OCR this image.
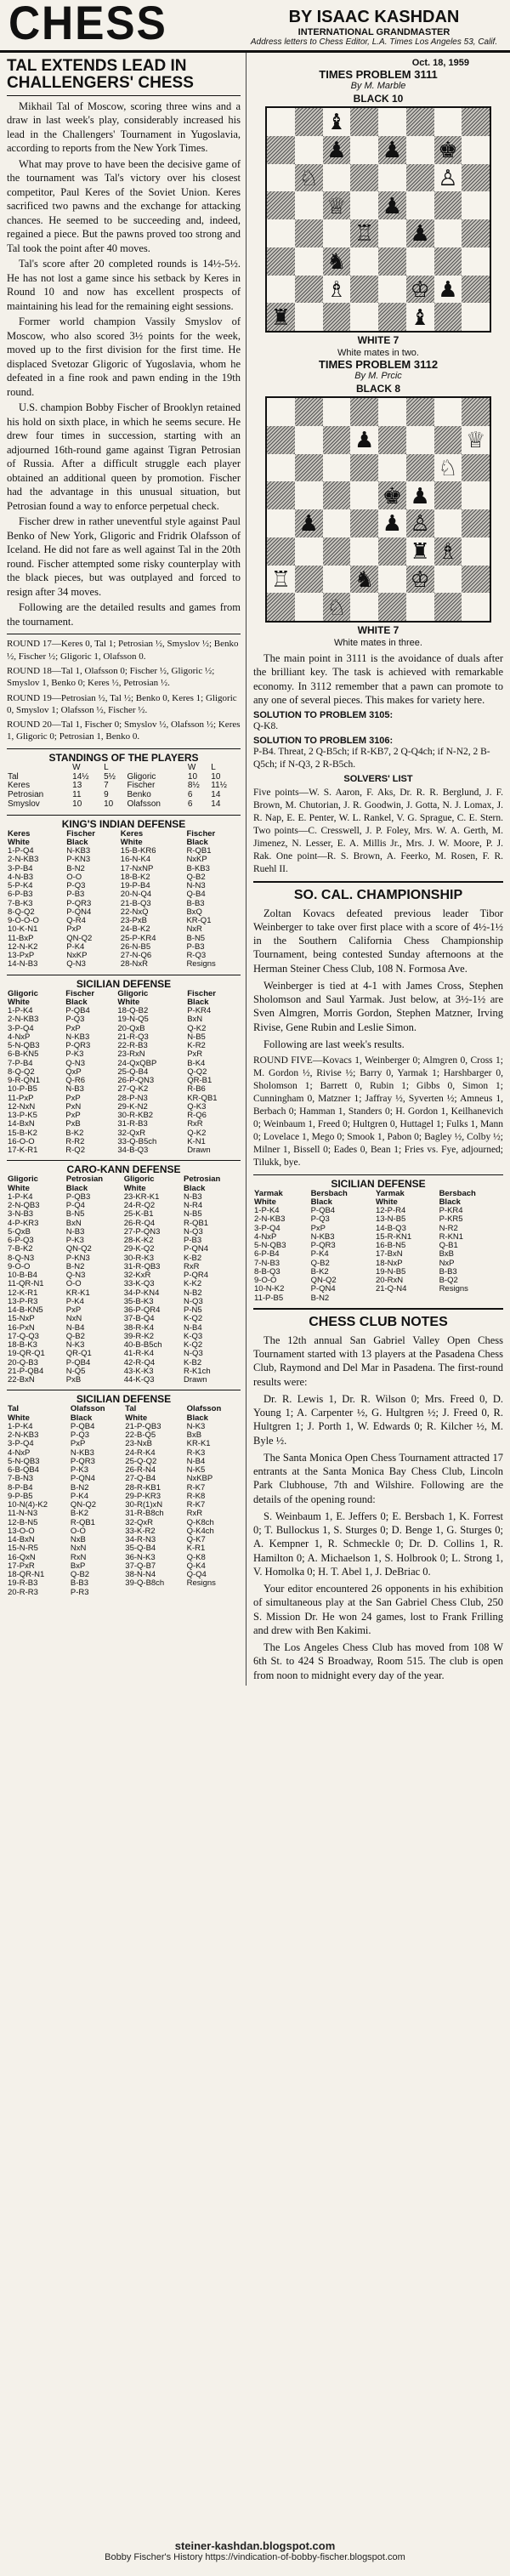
CHESS	BY ISAAC KASHDAN
INTERNATIONAL GRANDMASTER
Address letters to Chess Editor, L.A. Times Los Angeles 53, Calif.
TAL EXTENDS LEAD IN CHALLENGERS' CHESS

Mikhail Tal of Moscow, scoring three wins and a draw in last week's play, considerably increased his lead in the Challengers' Tournament in Yugoslavia, according to reports from the New York Times.

What may prove to have been the decisive game of the tournament was Tal's victory over his closest competitor, Paul Keres of the Soviet Union. Keres sacrificed two pawns and the exchange for attacking chances. He seemed to be succeeding and, indeed, regained a piece. But the pawns proved too strong and Tal took the point after 40 moves.

Tal's score after 20 completed rounds is 14½-5½. He has not lost a game since his setback by Keres in Round 10 and now has excellent prospects of maintaining his lead for the remaining eight sessions.

Former world champion Vassily Smyslov of Moscow, who also scored 3½ points for the week, moved up to the first division for the first time. He displaced Svetozar Gligoric of Yugoslavia, whom he defeated in a fine rook and pawn ending in the 19th round.

U.S. champion Bobby Fischer of Brooklyn retained his hold on sixth place, in which he seems secure. He drew four times in succession, starting with an adjourned 16th-round game against Tigran Petrosian of Russia. After a difficult struggle each player obtained an additional queen by promotion. Fischer had the advantage in this unusual situation, but Petrosian found a way to enforce perpetual check.

Fischer drew in rather uneventful style against Paul Benko of New York, Gligoric and Fridrik Olafsson of Iceland. He did not fare as well against Tal in the 20th round. Fischer attempted some risky counterplay with the black pieces, but was outplayed and forced to resign after 34 moves.

Following are the detailed results and games from the tournament.

ROUND 17—Keres 0, Tal 1; Petrosian ½, Smyslov ½; Benko ½, Fischer ½; Gligoric 1, Olafsson 0.

ROUND 18—Tal 1, Olafsson 0; Fischer ½, Gligoric ½; Smyslov 1, Benko 0; Keres ½, Petrosian ½.

ROUND 19—Petrosian ½, Tal ½; Benko 0, Keres 1; Gligoric 0, Smyslov 1; Olafsson ½, Fischer ½.

ROUND 20—Tal 1, Fischer 0; Smyslov ½, Olafsson ½; Keres 1, Gligoric 0; Petrosian 1, Benko 0.

STANDINGS OF THE PLAYERS
	W	L		W	L
Tal	14½	5½	Gligoric	10	10
Keres	13	7	Fischer	8½	11½
Petrosian	11	9	Benko	6	14
Smyslov	10	10	Olafsson	6	14
KING'S INDIAN DEFENSE
Keres	Fischer	Keres	Fischer
White	Black	White	Black
1-P-Q4	N-KB3	15-B-KR6	R-QB1
2-N-KB3	P-KN3	16-N-K4	NxKP
3-P-B4	B-N2	17-NxNP	B-KB3
4-N-B3	O-O	18-B-K2	Q-B2
5-P-K4	P-Q3	19-P-B4	N-N3
6-P-B3	P-B3	20-N-Q4	Q-B4
7-B-K3	P-QR3	21-B-Q3	B-B3
8-Q-Q2	P-QN4	22-NxQ	BxQ
9-O-O-O	Q-R4	23-PxB	KR-Q1
10-K-N1	PxP	24-B-K2	NxR
11-BxP	QN-Q2	25-P-KR4	B-N5
12-N-K2	P-K4	26-N-B5	P-B3
13-PxP	NxKP	27-N-Q6	R-Q3
14-N-B3	Q-N3	28-NxR	Resigns
SICILIAN DEFENSE
Gligoric	Fischer	Gligoric	Fischer
White	Black	White	Black
1-P-K4	P-QB4	18-Q-B2	P-KR4
2-N-KB3	P-Q3	19-N-Q5	BxN
3-P-Q4	PxP	20-QxB	Q-K2
4-NxP	N-KB3	21-R-Q3	N-B5
5-N-QB3	P-QR3	22-R-B3	K-R2
6-B-KN5	P-K3	23-RxN	PxR
7-P-B4	Q-N3	24-QxQBP	B-K4
8-Q-Q2	QxP	25-Q-B4	Q-Q2
9-R-QN1	Q-R6	26-P-QN3	QR-B1
10-P-B5	N-B3	27-Q-K2	R-B6
11-PxP	PxP	28-P-N3	KR-QB1
12-NxN	PxN	29-K-N2	Q-K3
13-P-K5	PxP	30-R-KB2	R-Q6
14-BxN	PxB	31-R-B3	RxR
15-B-K2	B-K2	32-QxR	Q-K2
16-O-O	R-R2	33-Q-B5ch	K-N1
17-K-R1	R-Q2	34-B-Q3	Drawn
CARO-KANN DEFENSE
Gligoric	Petrosian	Gligoric	Petrosian
White	Black	White	Black
1-P-K4	P-QB3	23-KR-K1	N-B3
2-N-QB3	P-Q4	24-R-Q2	N-R4
3-N-B3	B-N5	25-K-B1	N-B5
4-P-KR3	BxN	26-R-Q4	R-QB1
5-QxB	N-B3	27-P-QN3	N-Q3
6-P-Q3	P-K3	28-K-K2	P-B3
7-B-K2	QN-Q2	29-K-Q2	P-QN4
8-Q-N3	P-KN3	30-R-K3	K-B2
9-O-O	B-N2	31-R-QB3	RxR
10-B-B4	Q-N3	32-KxR	P-QR4
11-QR-N1	O-O	33-K-Q3	K-K2
12-K-R1	KR-K1	34-P-KN4	N-B2
13-P-R3	P-K4	35-B-K3	N-Q3
14-B-KN5	PxP	36-P-QR4	P-N5
15-NxP	NxN	37-B-Q4	K-Q2
16-PxN	N-B4	38-R-K4	N-B4
17-Q-Q3	Q-B2	39-R-K2	K-Q3
18-B-K3	N-K3	40-B-B5ch	K-Q2
19-QR-Q1	QR-Q1	41-R-K4	N-Q3
20-Q-B3	P-QB4	42-R-Q4	K-B2
21-P-QB4	N-Q5	43-K-K3	R-K1ch
22-BxN	PxB	44-K-Q3	Drawn
SICILIAN DEFENSE
Tal	Olafsson	Tal	Olafsson
White	Black	White	Black
1-P-K4	P-QB4	21-P-QB3	N-K3
2-N-KB3	P-Q3	22-B-Q5	BxB
3-P-Q4	PxP	23-NxB	KR-K1
4-NxP	N-KB3	24-R-K4	R-K3
5-N-QB3	P-QR3	25-Q-Q2	N-B4
6-B-QB4	P-K3	26-R-N4	N-K5
7-B-N3	P-QN4	27-Q-B4	NxKBP
8-P-B4	B-N2	28-R-KB1	R-K7
9-P-B5	P-K4	29-P-KR3	R-K8
10-N(4)-K2	QN-Q2	30-R(1)xN	R-K7
11-N-N3	B-K2	31-R-B8ch	RxR
12-B-N5	R-QB1	32-QxR	Q-K8ch
13-O-O	O-O	33-K-R2	Q-K4ch
14-BxN	NxB	34-R-N3	Q-K7
15-N-R5	NxN	35-Q-B4	K-R1
16-QxN	RxN	36-N-K3	Q-K8
17-PxR	BxP	37-Q-B7	Q-K4
18-QR-N1	Q-B2	38-N-N4	Q-Q4
19-R-B3	B-B3	39-Q-B8ch	Resigns
20-R-R3	P-R3		
Oct. 18, 1959
TIMES PROBLEM 3111
By M. Marble
BLACK 10
♝
♟ ♟ ♚
♘	♙
♕ ♟
♖ ♟
♞
♗	♔ ♟
♜	♝
WHITE 7
White mates in two.
TIMES PROBLEM 3112
By M. Prcic
BLACK 8
♟	♕
♘
♚ ♟
♟	♟ ♙
♜ ♗
♖	♞ ♔
♘
WHITE 7
White mates in three.

The main point in 3111 is the avoidance of duals after the brilliant key. The task is achieved with remarkable economy. In 3112 remember that a pawn can promote to any one of several pieces. This makes for variety here.

SOLUTION TO PROBLEM 3105:

Q-K8.

SOLUTION TO PROBLEM 3106:

P-B4. Threat, 2 Q-B5ch; if R-KB7, 2 Q-Q4ch; if N-N2, 2 B-Q5ch; if N-Q3, 2 R-B5ch.

SOLVERS' LIST

Five points—W. S. Aaron, F. Aks, Dr. R. R. Berglund, J. F. Brown, M. Chutorian, J. R. Goodwin, J. Gotta, N. J. Lomax, J. R. Nap, E. E. Penter, W. L. Rankel, V. G. Sprague, C. E. Stern. Two points—C. Cresswell, J. P. Foley, Mrs. W. A. Gerth, M. Jimenez, N. Lesser, E. A. Millis Jr., Mrs. J. W. Moore, P. J. Rak. One point—R. S. Brown, A. Feerko, M. Rosen, F. R. Ruehl II.

SO. CAL. CHAMPIONSHIP

Zoltan Kovacs defeated previous leader Tibor Weinberger to take over first place with a score of 4½-1½ in the Southern California Chess Championship Tournament, being contested Sunday afternoons at the Herman Steiner Chess Club, 108 N. Formosa Ave.

Weinberger is tied at 4-1 with James Cross, Stephen Sholomson and Saul Yarmak. Just below, at 3½-1½ are Sven Almgren, Morris Gordon, Stephen Matzner, Irving Rivise, Gene Rubin and Leslie Simon.

Following are last week's results.

ROUND FIVE—Kovacs 1, Weinberger 0; Almgren 0, Cross 1; M. Gordon ½, Rivise ½; Barry 0, Yarmak 1; Harshbarger 0, Sholomson 1; Barrett 0, Rubin 1; Gibbs 0, Simon 1; Cunningham 0, Matzner 1; Jaffray ½, Syverten ½; Amneus 1, Berbach 0; Hamman 1, Standers 0; H. Gordon 1, Keilhanevich 0; Weinbaum 1, Freed 0; Hultgren 0, Huttagel 1; Fulks 1, Mann 0; Lovelace 1, Mego 0; Smook 1, Pabon 0; Bagley ½, Colby ½; Milner 1, Bissell 0; Eades 0, Bean 1; Fries vs. Fye, adjourned; Tilukk, bye.

SICILIAN DEFENSE
Yarmak	Bersbach	Yarmak	Bersbach
White	Black	White	Black
1-P-K4	P-QB4	12-P-R4	P-KR4
2-N-KB3	P-Q3	13-N-B5	P-KR5
3-P-Q4	PxP	14-B-Q3	N-R2
4-NxP	N-KB3	15-R-KN1	R-KN1
5-N-QB3	P-QR3	16-B-N5	Q-B1
6-P-B4	P-K4	17-BxN	BxB
7-N-B3	Q-B2	18-NxP	NxP
8-B-Q3	B-K2	19-N-B5	B-B3
9-O-O	QN-Q2	20-RxN	B-Q2
10-N-K2	P-QN4	21-Q-N4	Resigns
11-P-B5	B-N2		
CHESS CLUB NOTES

The 12th annual San Gabriel Valley Open Chess Tournament started with 13 players at the Pasadena Chess Club, Raymond and Del Mar in Pasadena. The first-round results were:

Dr. R. Lewis 1, Dr. R. Wilson 0; Mrs. Freed 0, D. Young 1; A. Carpenter ½, G. Hultgren ½; J. Freed 0, R. Hultgren 1; J. Porth 1, W. Edwards 0; R. Kilcher ½, M. Byle ½.

The Santa Monica Open Chess Tournament attracted 17 entrants at the Santa Monica Bay Chess Club, Lincoln Park Clubhouse, 7th and Wilshire. Following are the details of the opening round:

S. Weinbaum 1, E. Jeffers 0; E. Bersbach 1, K. Forrest 0; T. Bullockus 1, S. Sturges 0; D. Benge 1, G. Sturges 0; A. Kempner 1, R. Schmeckle 0; Dr. D. Collins 1, R. Hamilton 0; A. Michaelson 1, S. Holbrook 0; L. Strong 1, V. Homolka 0; H. T. Abel 1, J. DeBriac 0.

Your editor encountered 26 opponents in his exhibition of simultaneous play at the San Gabriel Chess Club, 250 S. Mission Dr. He won 24 games, lost to Frank Frilling and drew with Ben Kakimi.

The Los Angeles Chess Club has moved from 108 W 6th St. to 424 S Broadway, Room 515. The club is open from noon to midnight every day of the year.

steiner-kashdan.blogspot.com
Bobby Fischer's History https://vindication-of-bobby-fischer.blogspot.com
